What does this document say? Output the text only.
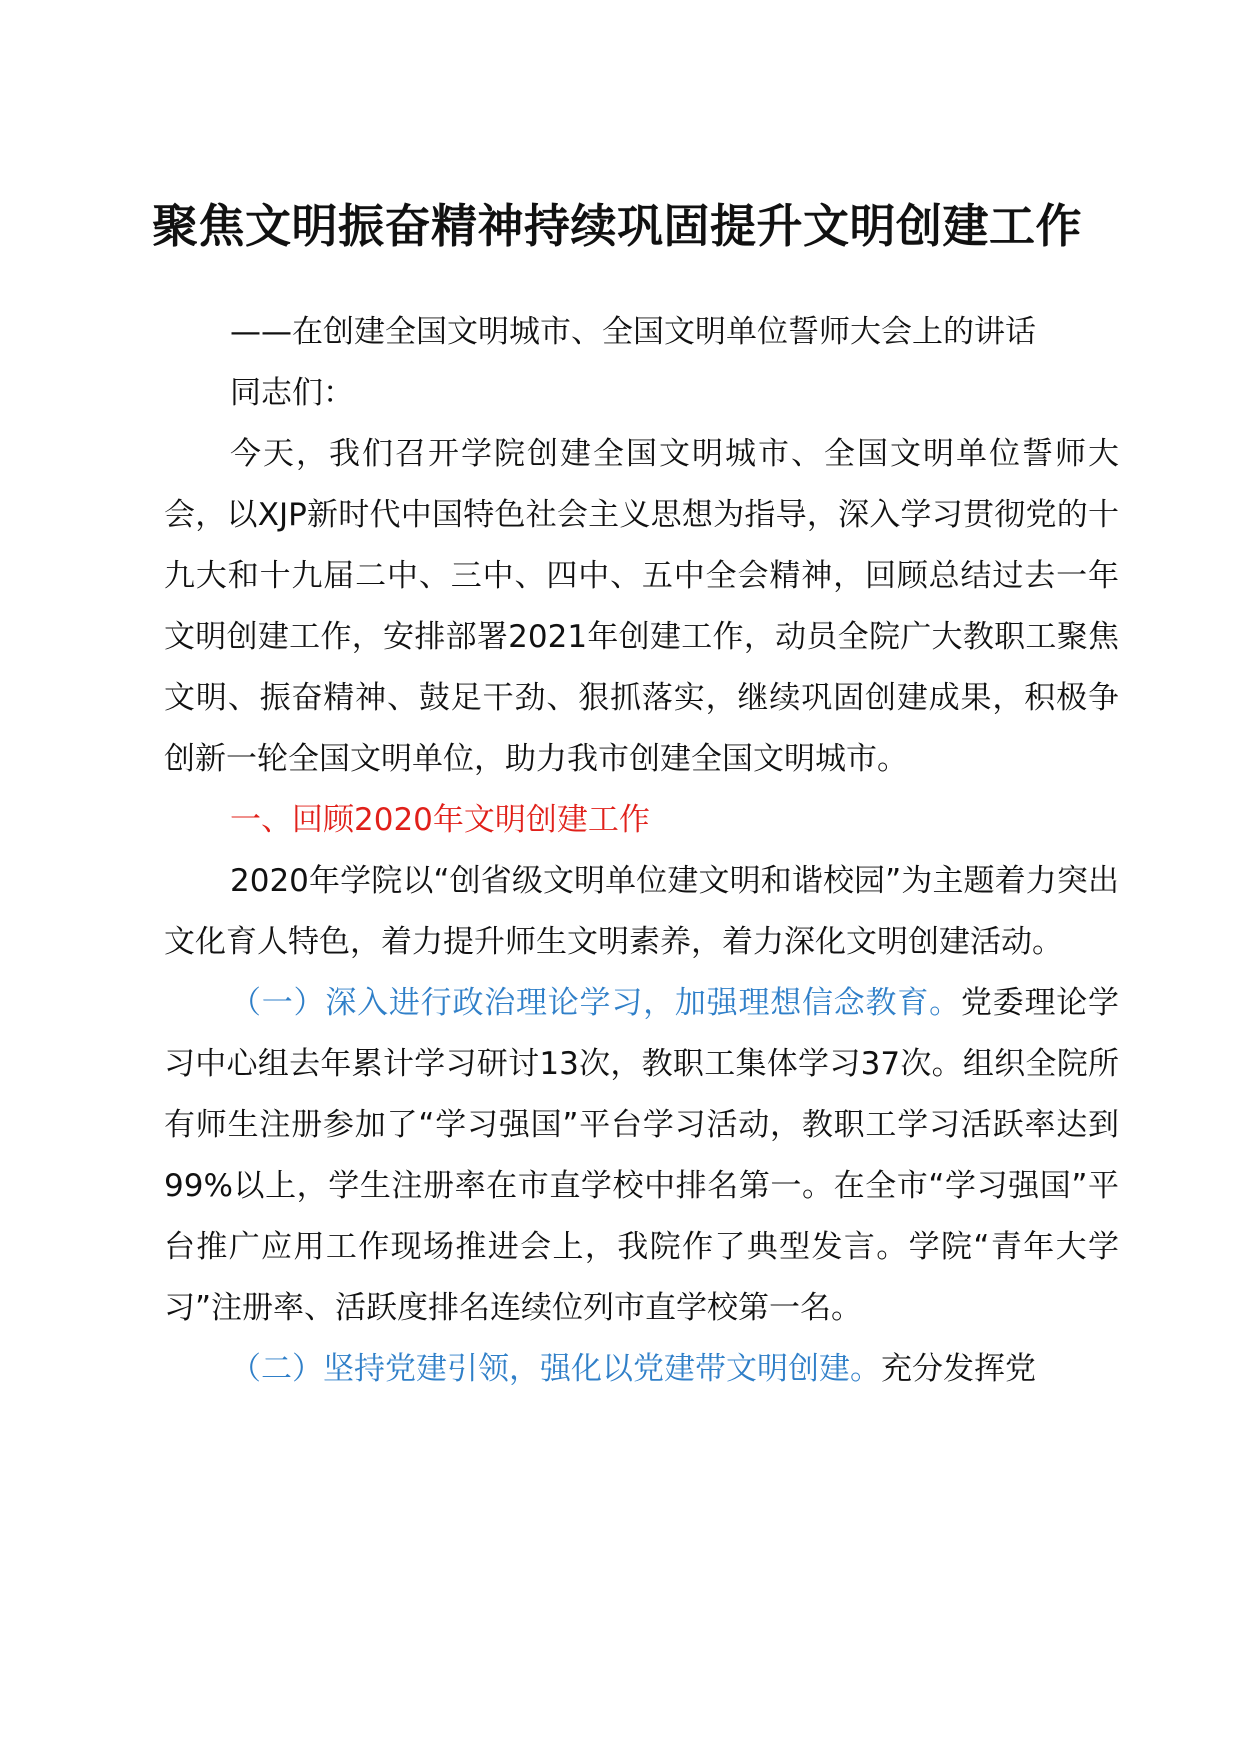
聚焦文明振奋精神持续巩固提升文明创建工作

——在创建全国文明城市、全国文明单位誓师大会上的讲话

同志们：

今天，我们召开学院创建全国文明城市、全国文明单位誓师大会，以XJP新时代中国特色社会主义思想为指导，深入学习贯彻党的十九大和十九届二中、三中、四中、五中全会精神，回顾总结过去一年文明创建工作，安排部署2021年创建工作，动员全院广大教职工聚焦文明、振奋精神、鼓足干劲、狠抓落实，继续巩固创建成果，积极争创新一轮全国文明单位，助力我市创建全国文明城市。

一、回顾2020年文明创建工作

2020年学院以“创省级文明单位建文明和谐校园”为主题着力突出文化育人特色，着力提升师生文明素养，着力深化文明创建活动。

（一）深入进行政治理论学习，加强理想信念教育。党委理论学习中心组去年累计学习研讨13次，教职工集体学习37次。组织全院所有师生注册参加了“学习强国”平台学习活动，教职工学习活跃率达到99%以上，学生注册率在市直学校中排名第一。在全市“学习强国”平台推广应用工作现场推进会上，我院作了典型发言。学院“青年大学习”注册率、活跃度排名连续位列市直学校第一名。

（二）坚持党建引领，强化以党建带文明创建。充分发挥党
